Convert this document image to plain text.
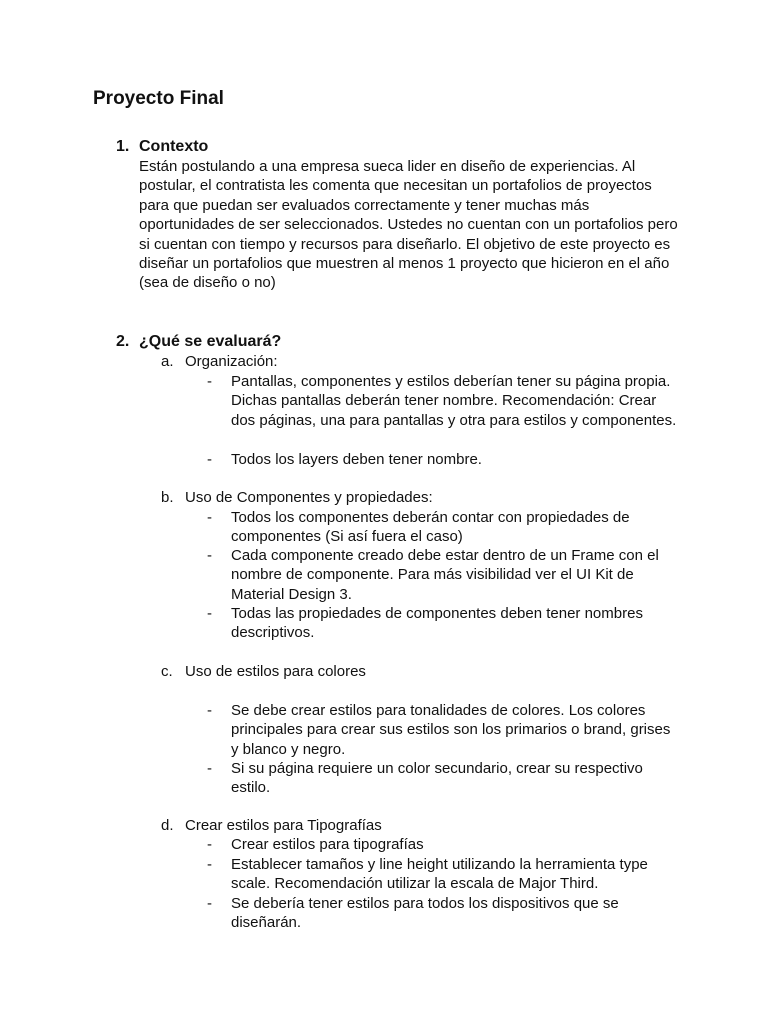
Proyecto Final
1. Contexto

Están postulando a una empresa sueca lider en diseño de experiencias. Al postular, el contratista les comenta que necesitan un portafolios de proyectos para que puedan ser evaluados correctamente y tener muchas más oportunidades de ser seleccionados. Ustedes no cuentan con un portafolios pero si cuentan con tiempo y recursos para diseñarlo. El objetivo de este proyecto es diseñar un portafolios que muestren al menos 1 proyecto que hicieron en el año (sea de diseño o no)

2. ¿Qué se evaluará?
a. Organización:
- Pantallas, componentes y estilos deberían tener su página propia. Dichas pantallas deberán tener nombre. Recomendación: Crear dos páginas, una para pantallas y otra para estilos y componentes.

- Todos los layers deben tener nombre.

b. Uso de Componentes y propiedades:
- Todos los componentes deberán contar con propiedades de componentes (Si así fuera el caso)

- Cada componente creado debe estar dentro de un Frame con el nombre de componente. Para más visibilidad ver el UI Kit de Material Design 3.

- Todas las propiedades de componentes deben tener nombres descriptivos.

c. Uso de estilos para colores
- Se debe crear estilos para tonalidades de colores. Los colores principales para crear sus estilos son los primarios o brand, grises y blanco y negro.

- Si su página requiere un color secundario, crear su respectivo estilo.

d. Crear estilos para Tipografías
- Crear estilos para tipografías

- Establecer tamaños y line height utilizando la herramienta type scale. Recomendación utilizar la escala de Major Third.

- Se debería tener estilos para todos los dispositivos que se diseñarán.
